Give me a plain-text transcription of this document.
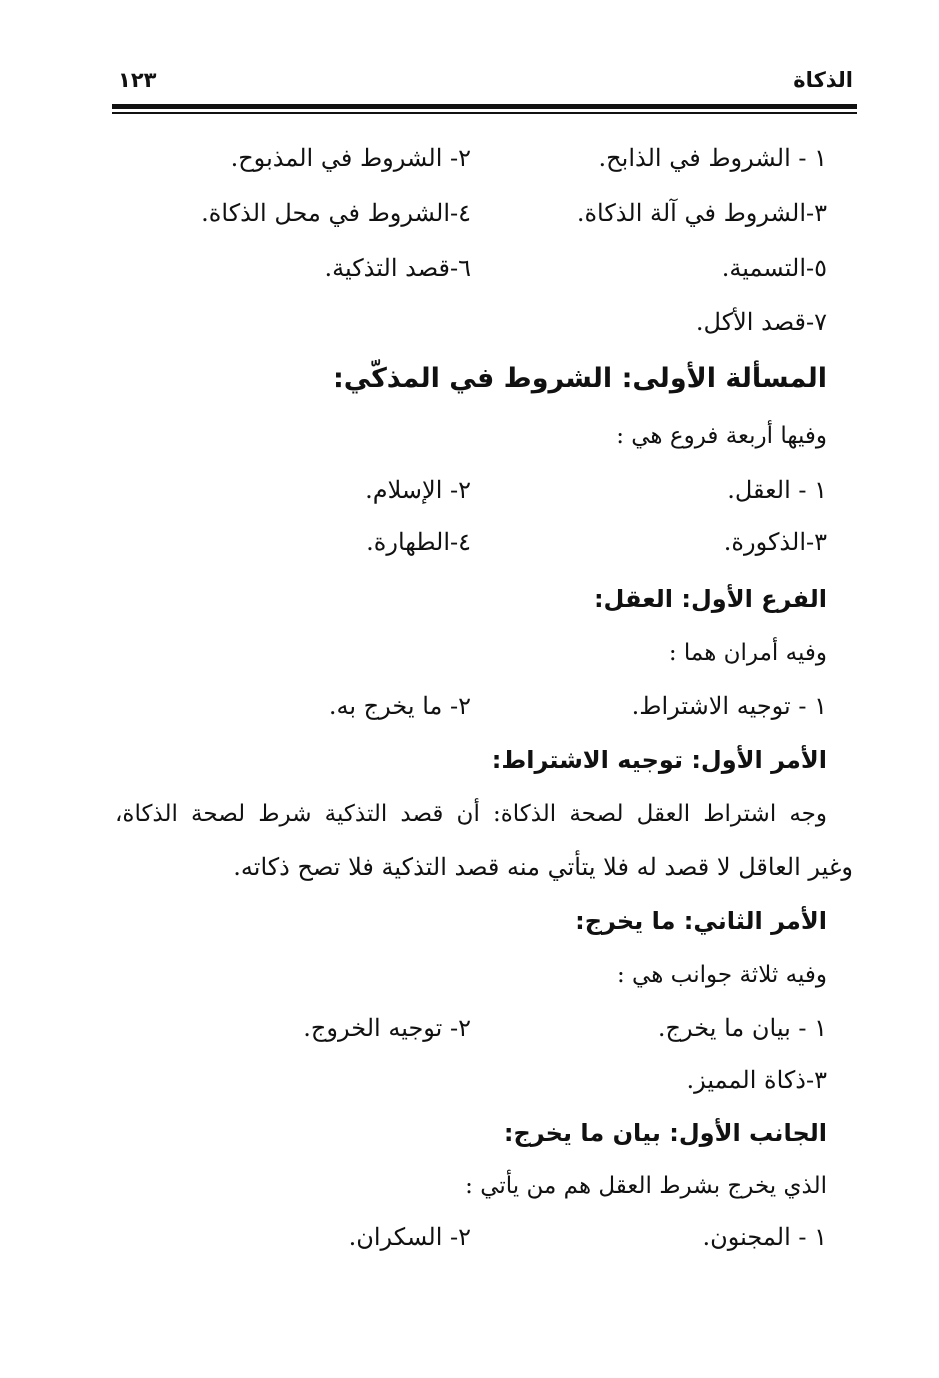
الذكاة
١٢٣
١ - الشروط في الذابح.
٢- الشروط في المذبوح.
٣-الشروط في آلة الذكاة.
٤-الشروط في محل الذكاة.
٥-التسمية.
٦-قصد التذكية.
٧-قصد الأكل.
المسألة الأولى: الشروط في المذكّي:
وفيها أربعة فروع هي :
١ - العقل.
٢- الإسلام.
٣-الذكورة.
٤-الطهارة.
الفرع الأول: العقل:
وفيه أمران هما :
١ - توجيه الاشتراط.
٢- ما يخرج به.
الأمر الأول: توجيه الاشتراط:
وجه اشتراط العقل لصحة الذكاة: أن قصد التذكية شرط لصحة الذكاة،
وغير العاقل لا قصد له فلا يتأتي منه قصد التذكية فلا تصح ذكاته.
الأمر الثاني: ما يخرج:
وفيه ثلاثة جوانب هي :
١ - بيان ما يخرج.
٢- توجيه الخروج.
٣-ذكاة المميز.
الجانب الأول: بيان ما يخرج:
الذي يخرج بشرط العقل هم من يأتي :
١ - المجنون.
٢- السكران.
